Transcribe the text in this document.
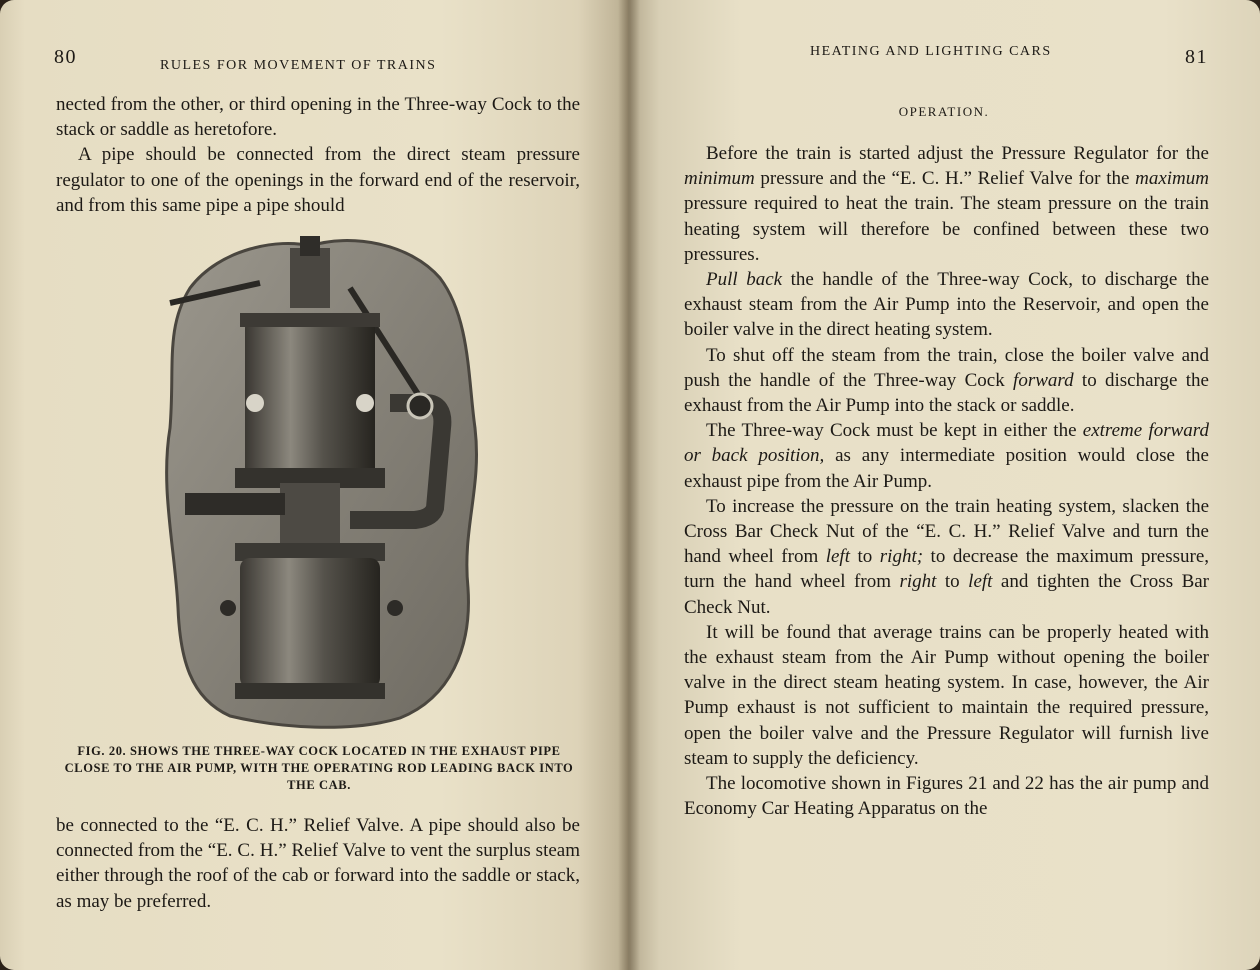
80	RULES FOR MOVEMENT OF TRAINS

nected from the other, or third opening in the Three-way Cock to the stack or saddle as heretofore.

A pipe should be connected from the direct steam pressure regulator to one of the openings in the forward end of the reservoir, and from this same pipe a pipe should

FIG. 20. SHOWS THE THREE-WAY COCK LOCATED IN THE EXHAUST PIPE CLOSE TO THE AIR PUMP, WITH THE OPERATING ROD LEADING BACK INTO THE CAB.

be connected to the “E. C. H.” Relief Valve. A pipe should also be connected from the “E. C. H.” Relief Valve to vent the surplus steam either through the roof of the cab or forward into the saddle or stack, as may be preferred.

HEATING AND LIGHTING CARS	81
OPERATION.

Before the train is started adjust the Pressure Regulator for the minimum pressure and the “E. C. H.” Relief Valve for the maximum pressure required to heat the train. The steam pressure on the train heating system will therefore be confined between these two pressures.

Pull back the handle of the Three-way Cock, to discharge the exhaust steam from the Air Pump into the Reservoir, and open the boiler valve in the direct heating system.

To shut off the steam from the train, close the boiler valve and push the handle of the Three-way Cock forward to discharge the exhaust from the Air Pump into the stack or saddle.

The Three-way Cock must be kept in either the extreme forward or back position, as any intermediate position would close the exhaust pipe from the Air Pump.

To increase the pressure on the train heating system, slacken the Cross Bar Check Nut of the “E. C. H.” Relief Valve and turn the hand wheel from left to right; to decrease the maximum pressure, turn the hand wheel from right to left and tighten the Cross Bar Check Nut.

It will be found that average trains can be properly heated with the exhaust steam from the Air Pump without opening the boiler valve in the direct steam heating system. In case, however, the Air Pump exhaust is not sufficient to maintain the required pressure, open the boiler valve and the Pressure Regulator will furnish live steam to supply the deficiency.

The locomotive shown in Figures 21 and 22 has the air pump and Economy Car Heating Apparatus on the
